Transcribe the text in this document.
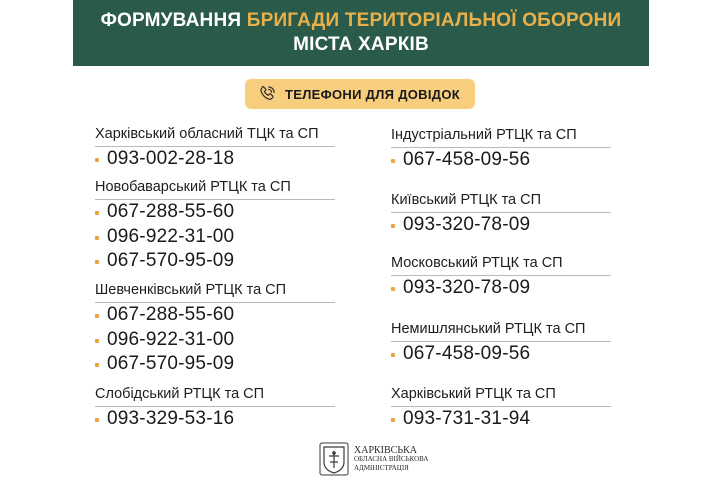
ФОРМУВАННЯ БРИГАДИ ТЕРИТОРІАЛЬНОЇ ОБОРОНИ
МІСТА ХАРКІВ
ТЕЛЕФОНИ ДЛЯ ДОВІДОК
Харківський обласний ТЦК та СП
093-002-28-18
Новобаварський РТЦК та СП
067-288-55-60
096-922-31-00
067-570-95-09
Шевченківський РТЦК та СП
067-288-55-60
096-922-31-00
067-570-95-09
Слобідський РТЦК та СП
093-329-53-16
Індустріальний РТЦК та СП
067-458-09-56
Київський РТЦК та СП
093-320-78-09
Московський РТЦК та СП
093-320-78-09
Немишлянський РТЦК та СП
067-458-09-56
Харківський РТЦК та СП
093-731-31-94
ХАРКІВСЬКА
ОБЛАСНА ВІЙСЬКОВА
АДМІНІСТРАЦІЯ
